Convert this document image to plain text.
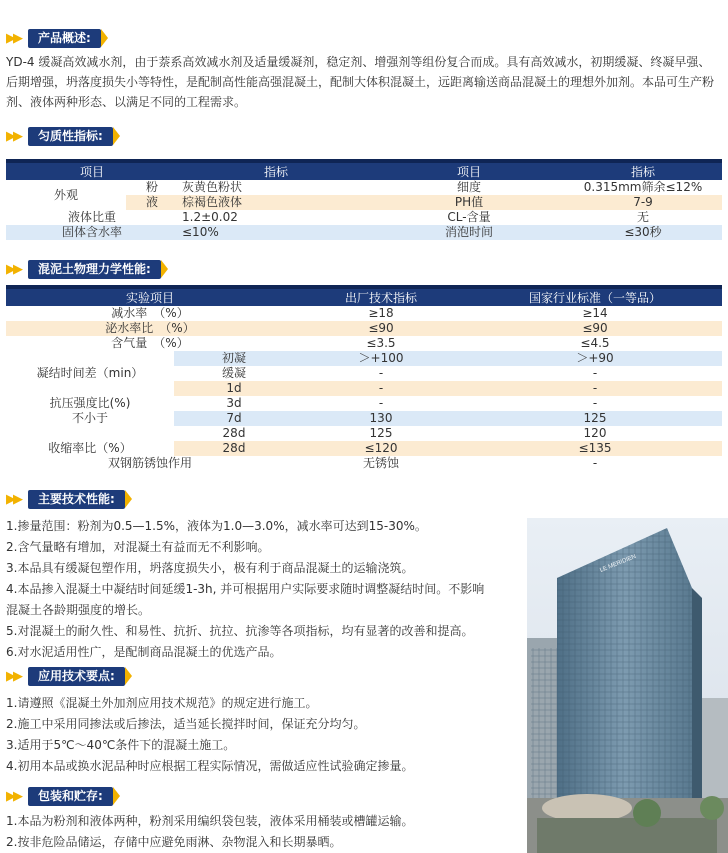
▶▶	产品概述:
YD-4 缓凝高效减水剂，由于萘系高效减水剂及适量缓凝剂，稳定剂、增强剂等组份复合而成。具有高效减水，初期缓凝、终凝早强、后期增强，坍落度损失小等特性，是配制高性能高强混凝土，配制大体积混凝土，远距离输送商品混凝土的理想外加剂。本品可生产粉剂、液体两种形态、以满足不同的工程需求。
▶▶	匀质性指标:
项目		指标	项目	指标
外观	粉	灰黄色粉状	细度	0.315mm筛余≤12%
	液	棕褐色液体	PH值	7-9
液体比重		1.2±0.02	CL-含量	无
固体含水率		≤10%	消泡时间	≤30秒
▶▶	混泥土物理力学性能:
实验项目		出厂技术指标	国家行业标准（一等品）
减水率　（%）		≥18	≥14
泌水率比　（%）		≤90	≤90
含气量　（%）		≤3.5	≤4.5
	初凝	＞+100	＞+90
凝结时间差（min）	缓凝	-	-
	1d	-	-
抗压强度比(%)	3d	-	-
不小于	7d	130	125
	28d	125	120
收缩率比（%）	28d	≤120	≤135
双钢筋锈蚀作用		无锈蚀	-
▶▶	主要技术性能:
1.掺量范围：粉剂为0.5—1.5%，液体为1.0—3.0%，减水率可达到15-30%。
2.含气量略有增加，对混凝土有益而无不利影响。
3.本品具有缓凝包塑作用，坍落度损失小，极有利于商品混凝土的运输浇筑。
4.本品掺入混凝土中凝结时间延缓1-3h, 并可根据用户实际要求随时调整凝结时间。不影响
混凝土各龄期强度的增长。
5.对混凝土的耐久性、和易性、抗折、抗拉、抗渗等各项指标，均有显著的改善和提高。
6.对水泥适用性广，是配制商品混凝土的优选产品。
▶▶	应用技术要点:
1.请遵照《混凝土外加剂应用技术规范》的规定进行施工。
2.施工中采用同掺法或后掺法，适当延长搅拌时间，保证充分均匀。
3.适用于5℃～40℃条件下的混凝土施工。
4.初用本品或换水泥品种时应根据工程实际情况，需做适应性试验确定掺量。
▶▶	包装和贮存:
1.本品为粉剂和液体两种，粉剂采用编织袋包装，液体采用桶装或槽罐运输。
2.按非危险品储运，存储中应避免雨淋、杂物混入和长期暴晒。
LE MERIDIEN
